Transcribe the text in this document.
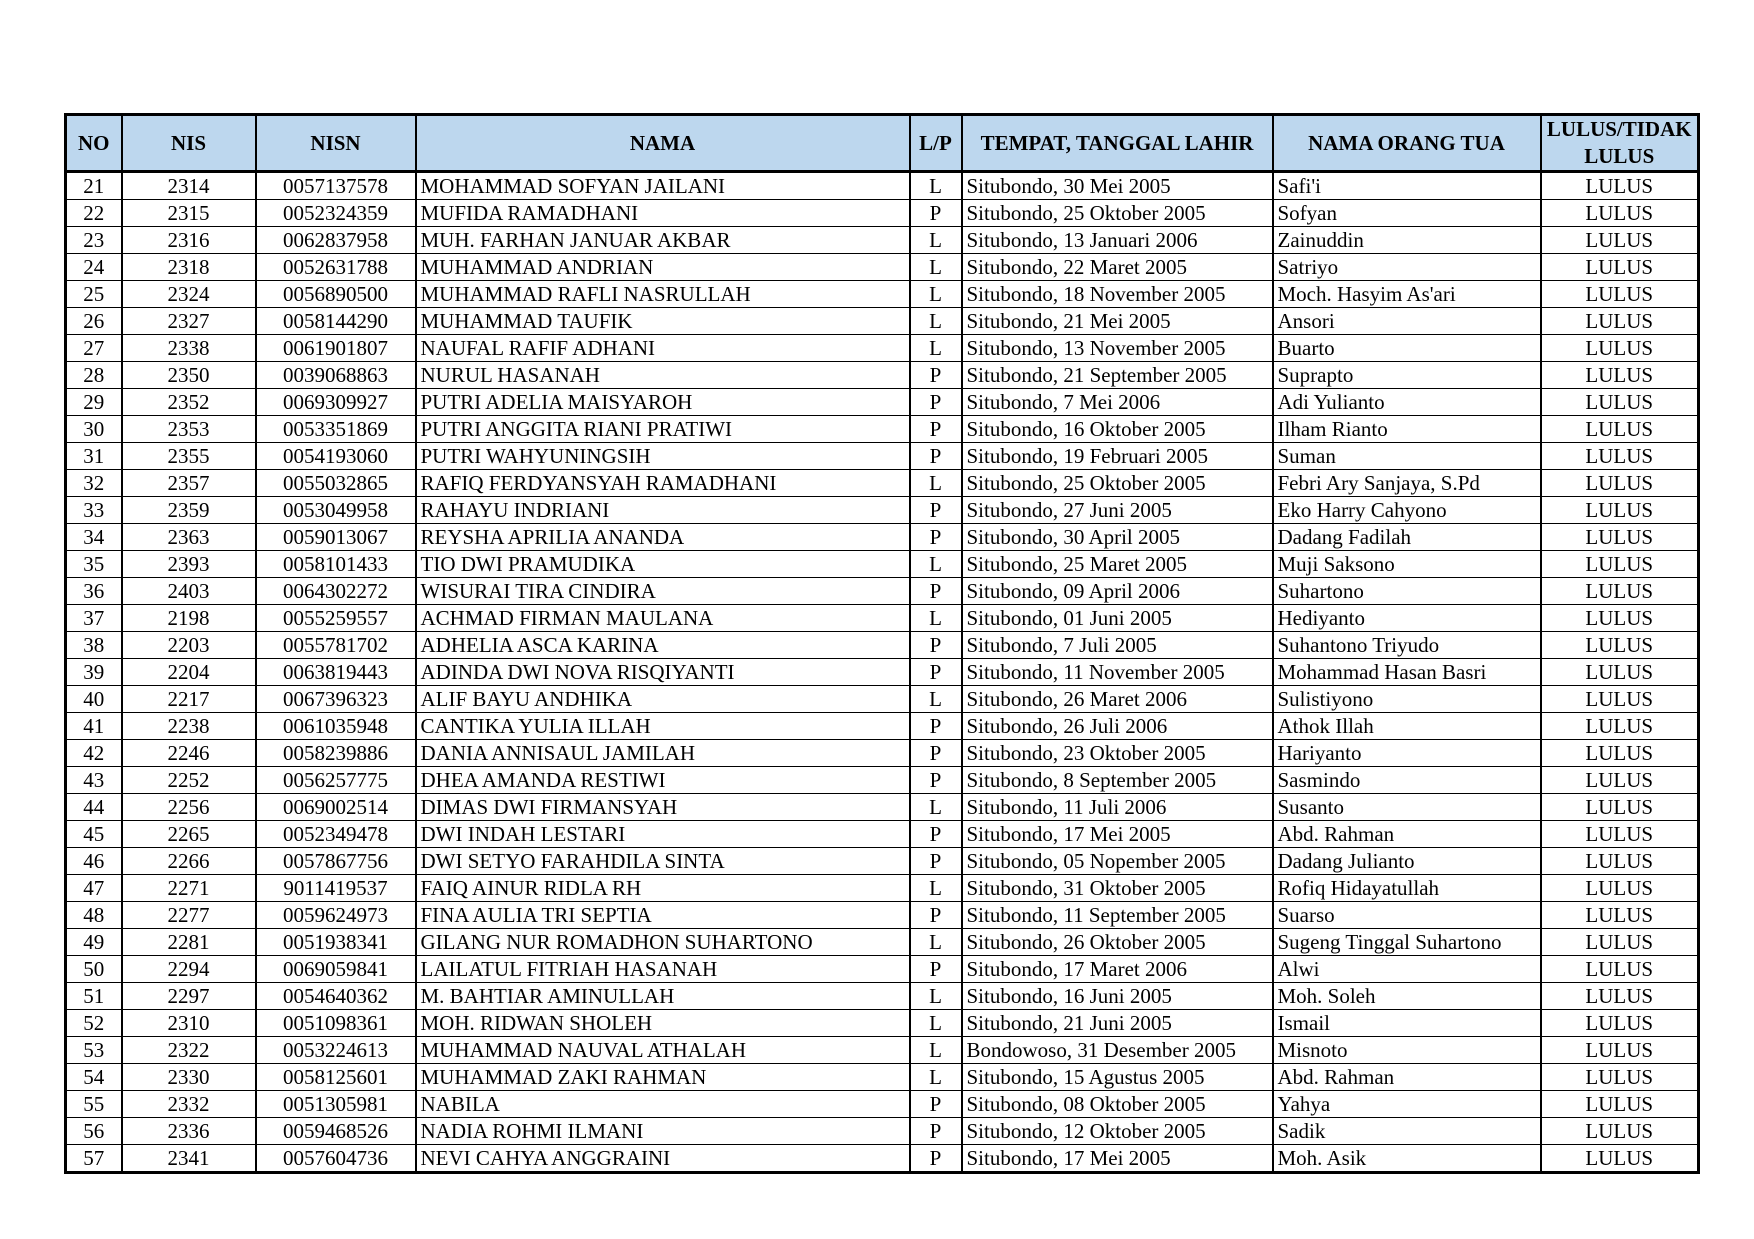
NO	NIS	NISN	NAMA	L/P	TEMPAT, TANGGAL LAHIR	NAMA ORANG TUA	LULUS/TIDAK LULUS
21	2314	0057137578	MOHAMMAD SOFYAN JAILANI	L	Situbondo, 30 Mei 2005	Safi'i	LULUS
22	2315	0052324359	MUFIDA RAMADHANI	P	Situbondo, 25 Oktober 2005	Sofyan	LULUS
23	2316	0062837958	MUH. FARHAN JANUAR AKBAR	L	Situbondo, 13 Januari 2006	Zainuddin	LULUS
24	2318	0052631788	MUHAMMAD ANDRIAN	L	Situbondo, 22 Maret 2005	Satriyo	LULUS
25	2324	0056890500	MUHAMMAD RAFLI NASRULLAH	L	Situbondo, 18 November 2005	Moch. Hasyim As'ari	LULUS
26	2327	0058144290	MUHAMMAD TAUFIK	L	Situbondo, 21 Mei 2005	Ansori	LULUS
27	2338	0061901807	NAUFAL RAFIF ADHANI	L	Situbondo, 13 November 2005	Buarto	LULUS
28	2350	0039068863	NURUL HASANAH	P	Situbondo, 21 September 2005	Suprapto	LULUS
29	2352	0069309927	PUTRI ADELIA MAISYAROH	P	Situbondo, 7 Mei 2006	Adi Yulianto	LULUS
30	2353	0053351869	PUTRI ANGGITA RIANI PRATIWI	P	Situbondo, 16 Oktober 2005	Ilham Rianto	LULUS
31	2355	0054193060	PUTRI WAHYUNINGSIH	P	Situbondo, 19 Februari 2005	Suman	LULUS
32	2357	0055032865	RAFIQ FERDYANSYAH RAMADHANI	L	Situbondo, 25 Oktober 2005	Febri Ary Sanjaya, S.Pd	LULUS
33	2359	0053049958	RAHAYU INDRIANI	P	Situbondo, 27 Juni 2005	Eko Harry Cahyono	LULUS
34	2363	0059013067	REYSHA APRILIA ANANDA	P	Situbondo, 30 April 2005	Dadang Fadilah	LULUS
35	2393	0058101433	TIO DWI PRAMUDIKA	L	Situbondo, 25 Maret 2005	Muji Saksono	LULUS
36	2403	0064302272	WISURAI TIRA CINDIRA	P	Situbondo, 09 April 2006	Suhartono	LULUS
37	2198	0055259557	ACHMAD FIRMAN MAULANA	L	Situbondo, 01 Juni 2005	Hediyanto	LULUS
38	2203	0055781702	ADHELIA ASCA KARINA	P	Situbondo, 7 Juli 2005	Suhantono Triyudo	LULUS
39	2204	0063819443	ADINDA DWI NOVA RISQIYANTI	P	Situbondo, 11 November 2005	Mohammad Hasan Basri	LULUS
40	2217	0067396323	ALIF BAYU ANDHIKA	L	Situbondo, 26 Maret 2006	Sulistiyono	LULUS
41	2238	0061035948	CANTIKA YULIA ILLAH	P	Situbondo, 26 Juli 2006	Athok Illah	LULUS
42	2246	0058239886	DANIA ANNISAUL JAMILAH	P	Situbondo, 23 Oktober 2005	Hariyanto	LULUS
43	2252	0056257775	DHEA AMANDA RESTIWI	P	Situbondo, 8 September 2005	Sasmindo	LULUS
44	2256	0069002514	DIMAS DWI FIRMANSYAH	L	Situbondo, 11 Juli 2006	Susanto	LULUS
45	2265	0052349478	DWI INDAH LESTARI	P	Situbondo, 17 Mei 2005	Abd. Rahman	LULUS
46	2266	0057867756	DWI SETYO FARAHDILA SINTA	P	Situbondo, 05 Nopember 2005	Dadang Julianto	LULUS
47	2271	9011419537	FAIQ AINUR RIDLA RH	L	Situbondo, 31 Oktober 2005	Rofiq Hidayatullah	LULUS
48	2277	0059624973	FINA AULIA TRI SEPTIA	P	Situbondo, 11 September 2005	Suarso	LULUS
49	2281	0051938341	GILANG NUR ROMADHON SUHARTONO	L	Situbondo, 26 Oktober 2005	Sugeng Tinggal Suhartono	LULUS
50	2294	0069059841	LAILATUL FITRIAH HASANAH	P	Situbondo, 17 Maret 2006	Alwi	LULUS
51	2297	0054640362	M. BAHTIAR AMINULLAH	L	Situbondo, 16 Juni 2005	Moh. Soleh	LULUS
52	2310	0051098361	MOH. RIDWAN SHOLEH	L	Situbondo, 21 Juni 2005	Ismail	LULUS
53	2322	0053224613	MUHAMMAD NAUVAL ATHALAH	L	Bondowoso, 31 Desember 2005	Misnoto	LULUS
54	2330	0058125601	MUHAMMAD ZAKI RAHMAN	L	Situbondo, 15 Agustus 2005	Abd. Rahman	LULUS
55	2332	0051305981	NABILA	P	Situbondo, 08 Oktober 2005	Yahya	LULUS
56	2336	0059468526	NADIA ROHMI ILMANI	P	Situbondo, 12 Oktober 2005	Sadik	LULUS
57	2341	0057604736	NEVI CAHYA ANGGRAINI	P	Situbondo, 17 Mei 2005	Moh. Asik	LULUS
